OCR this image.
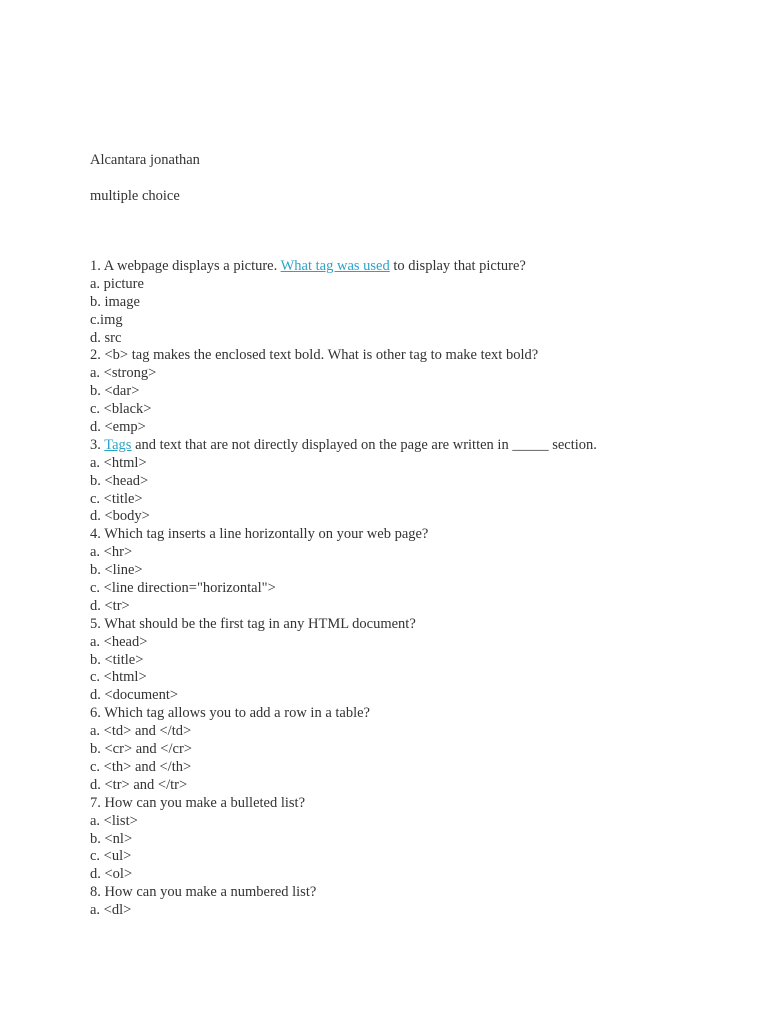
Alcantara jonathan
multiple choice
1. A webpage displays a picture. What tag was used to display that picture?
a. picture
b. image
c.img
d. src
2. <b> tag makes the enclosed text bold. What is other tag to make text bold?
a. <strong>
b. <dar>
c. <black>
d. <emp>
3. Tags and text that are not directly displayed on the page are written in _____ section.
a. <html>
b. <head>
c. <title>
d. <body>
4. Which tag inserts a line horizontally on your web page?
a. <hr>
b. <line>
c. <line direction="horizontal">
d. <tr>
5. What should be the first tag in any HTML document?
a. <head>
b. <title>
c. <html>
d. <document>
6. Which tag allows you to add a row in a table?
a. <td> and </td>
b. <cr> and </cr>
c. <th> and </th>
d. <tr> and </tr>
7. How can you make a bulleted list?
a. <list>
b. <nl>
c. <ul>
d. <ol>
8. How can you make a numbered list?
a. <dl>
